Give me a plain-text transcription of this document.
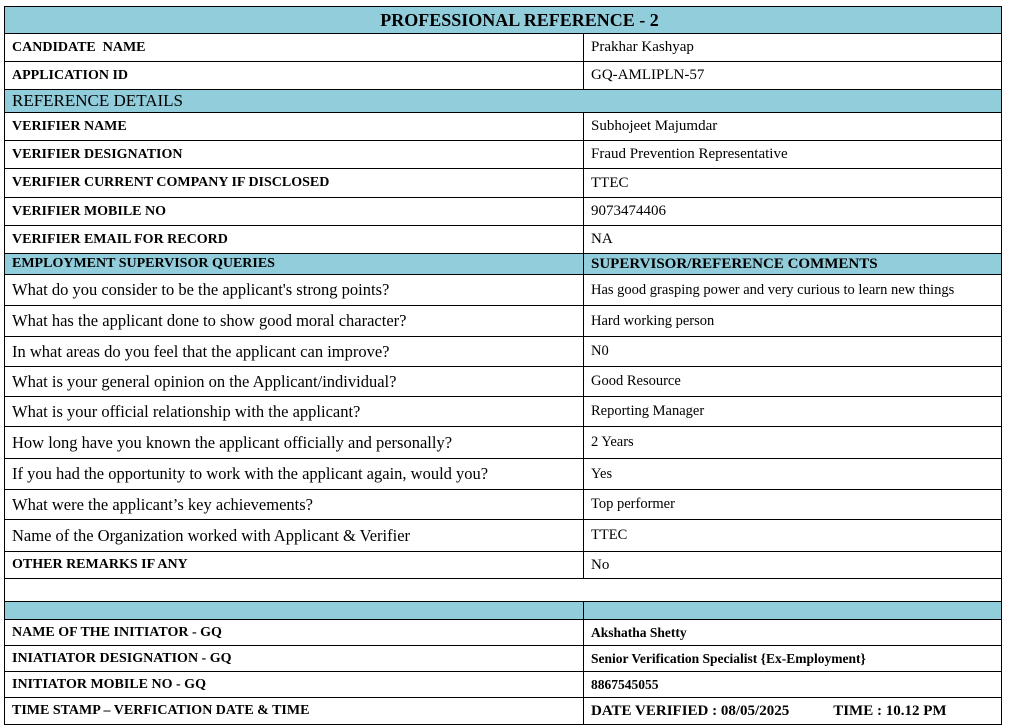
PROFESSIONAL REFERENCE - 2	
CANDIDATE  NAME	Prakhar Kashyap
APPLICATION ID	GQ-AMLIPLN-57
REFERENCE DETAILS	
VERIFIER NAME	Subhojeet Majumdar
VERIFIER DESIGNATION	Fraud Prevention Representative
VERIFIER CURRENT COMPANY IF DISCLOSED	TTEC
VERIFIER MOBILE NO	9073474406
VERIFIER EMAIL FOR RECORD	NA
EMPLOYMENT SUPERVISOR QUERIES	SUPERVISOR/REFERENCE COMMENTS
What do you consider to be the applicant's strong points?	Has good grasping power and very curious to learn new things
What has the applicant done to show good moral character?	Hard working person
In what areas do you feel that the applicant can improve?	N0
What is your general opinion on the Applicant/individual?	Good Resource
What is your official relationship with the applicant?	Reporting Manager
How long have you known the applicant officially and personally?	2 Years
If you had the opportunity to work with the applicant again, would you?	Yes
What were the applicant’s key achievements?	Top performer
Name of the Organization worked with Applicant & Verifier	TTEC
OTHER REMARKS IF ANY	No

NAME OF THE INITIATOR - GQ	Akshatha Shetty
INIATIATOR DESIGNATION - GQ	Senior Verification Specialist {Ex-Employment}
INITIATOR MOBILE NO - GQ	8867545055
TIME STAMP – VERFICATION DATE & TIME	DATE VERIFIED : 08/05/2025 TIME : 10.12 PM
